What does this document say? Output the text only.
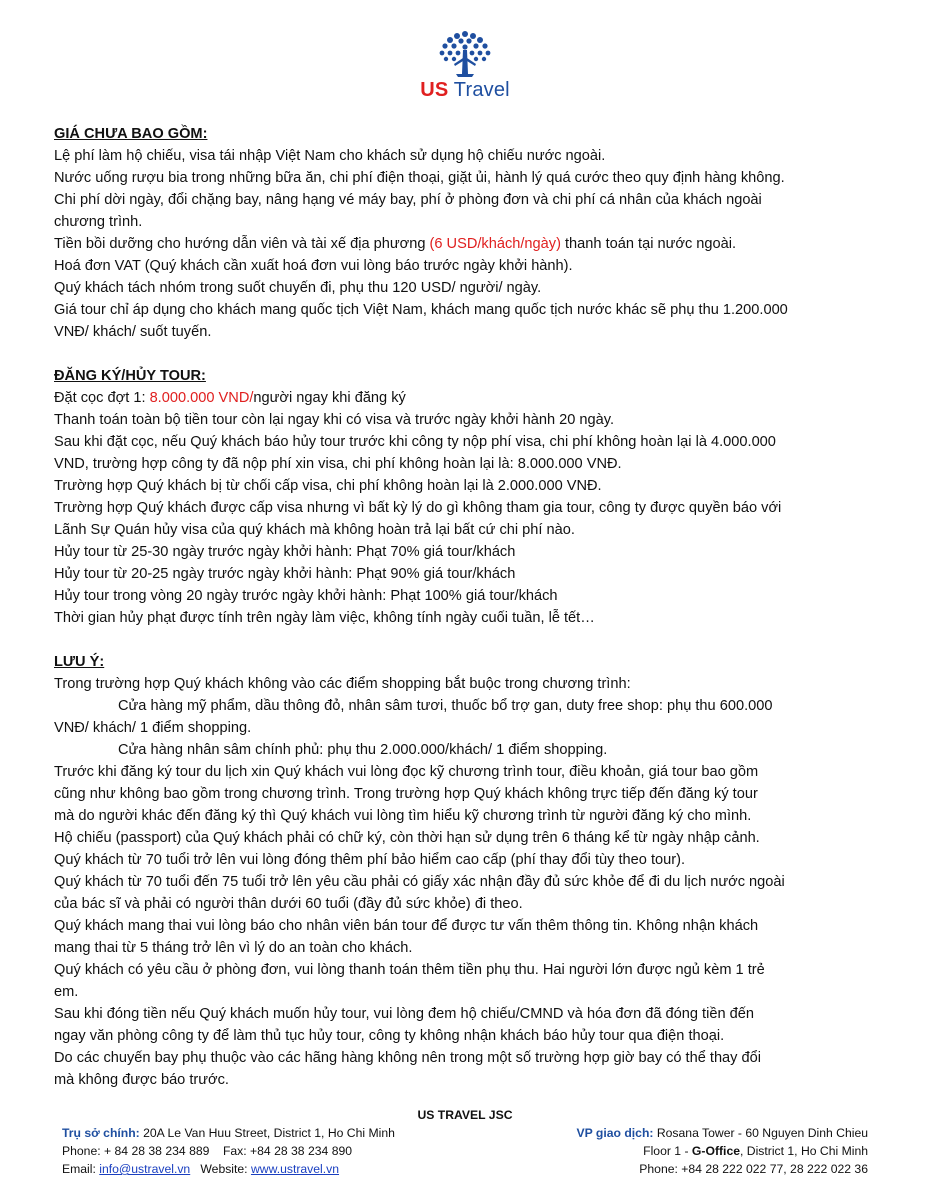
US Travel
GIÁ CHƯA BAO GỒM:
Lệ phí làm hộ chiếu, visa tái nhập Việt Nam cho khách sử dụng hộ chiếu nước ngoài.
Nước uống rượu bia trong những bữa ăn, chi phí điện thoại, giặt ủi, hành lý quá cước theo quy định hàng không.
Chi phí dời ngày, đổi chặng bay, nâng hạng vé máy bay, phí ở phòng đơn và chi phí cá nhân của khách ngoài
chương trình.
Tiền bồi dưỡng cho hướng dẫn viên và tài xế địa phương (6 USD/khách/ngày) thanh toán tại nước ngoài.
Hoá đơn VAT (Quý khách cần xuất hoá đơn vui lòng báo trước ngày khởi hành).
Quý khách tách nhóm trong suốt chuyến đi, phụ thu 120 USD/ người/ ngày.
Giá tour chỉ áp dụng cho khách mang quốc tịch Việt Nam, khách mang quốc tịch nước khác sẽ phụ thu 1.200.000
VNĐ/ khách/ suốt tuyến.
ĐĂNG KÝ/HỦY TOUR:
Đặt cọc đợt 1: 8.000.000 VND/người ngay khi đăng ký
Thanh toán toàn bộ tiền tour còn lại ngay khi có visa và trước ngày khởi hành 20 ngày.
Sau khi đặt cọc, nếu Quý khách báo hủy tour trước khi công ty nộp phí visa, chi phí không hoàn lại là 4.000.000
VND, trường hợp công ty đã nộp phí xin visa, chi phí không hoàn lại là: 8.000.000 VNĐ.
Trường hợp Quý khách bị từ chối cấp visa, chi phí không hoàn lại là 2.000.000 VNĐ.
Trường hợp Quý khách được cấp visa nhưng vì bất kỳ lý do gì không tham gia tour, công ty được quyền báo với
Lãnh Sự Quán hủy visa của quý khách mà không hoàn trả lại bất cứ chi phí nào.
Hủy tour từ 25-30 ngày trước ngày khởi hành: Phạt 70% giá tour/khách
Hủy tour từ 20-25 ngày trước ngày khởi hành: Phạt 90% giá tour/khách
Hủy tour trong vòng 20 ngày trước ngày khởi hành: Phạt 100% giá tour/khách
Thời gian hủy phạt được tính trên ngày làm việc, không tính ngày cuối tuần, lễ tết…
LƯU Ý:
Trong trường hợp Quý khách không vào các điểm shopping bắt buộc trong chương trình:
Cửa hàng mỹ phẩm, dầu thông đỏ, nhân sâm tươi, thuốc bổ trợ gan, duty free shop: phụ thu 600.000
VNĐ/ khách/ 1 điểm shopping.
Cửa hàng nhân sâm chính phủ: phụ thu 2.000.000/khách/ 1 điểm shopping.
Trước khi đăng ký tour du lịch xin Quý khách vui lòng đọc kỹ chương trình tour, điều khoản, giá tour bao gồm
cũng như không bao gồm trong chương trình. Trong trường hợp Quý khách không trực tiếp đến đăng ký tour
mà do người khác đến đăng ký thì Quý khách vui lòng tìm hiểu kỹ chương trình từ người đăng ký cho mình.
Hộ chiếu (passport) của Quý khách phải có chữ ký, còn thời hạn sử dụng trên 6 tháng kể từ ngày nhập cảnh.
Quý khách từ 70 tuổi trở lên vui lòng đóng thêm phí bảo hiểm cao cấp (phí thay đổi tùy theo tour).
Quý khách từ 70 tuổi đến 75 tuổi trở lên yêu cầu phải có giấy xác nhận đầy đủ sức khỏe để đi du lịch nước ngoài
của bác sĩ và phải có người thân dưới 60 tuổi (đầy đủ sức khỏe) đi theo.
Quý khách mang thai vui lòng báo cho nhân viên bán tour để được tư vấn thêm thông tin. Không nhận khách
mang thai từ 5 tháng trở lên vì lý do an toàn cho khách.
Quý khách có yêu cầu ở phòng đơn, vui lòng thanh toán thêm tiền phụ thu. Hai người lớn được ngủ kèm 1 trẻ
em.
Sau khi đóng tiền nếu Quý khách muốn hủy tour, vui lòng đem hộ chiếu/CMND và hóa đơn đã đóng tiền đến
ngay văn phòng công ty để làm thủ tục hủy tour, công ty không nhận khách báo hủy tour qua điện thoại.
Do các chuyến bay phụ thuộc vào các hãng hàng không nên trong một số trường hợp giờ bay có thể thay đổi
mà không được báo trước.
US TRAVEL JSC
Trụ sở chính: 20A Le Van Huu Street, District 1, Ho Chi Minh
Phone: + 84 28 38 234 889    Fax: +84 28 38 234 890
Email: info@ustravel.vn   Website: www.ustravel.vn
VP giao dịch: Rosana Tower - 60 Nguyen Dinh Chieu
Floor 1 - G-Office, District 1, Ho Chi Minh
Phone: +84 28 222 022 77, 28 222 022 36
